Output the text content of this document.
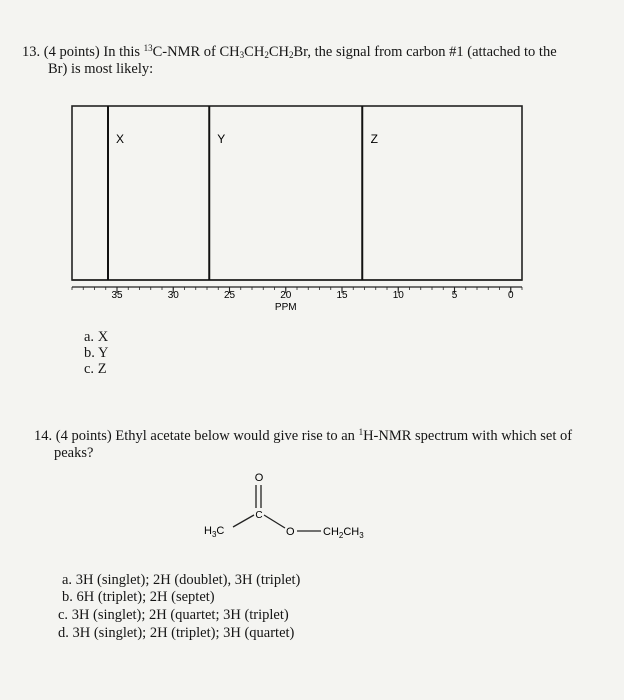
13. (4 points) In this $^{13}$C-NMR of $CH_3CH_2CH_2Br$, the signal from carbon #1 (attached to the
Br) is most likely:
35	30	25	20	15	10	5	0
PPM
X	Y	Z
a. X
b. Y
c. Z
14. (4 points) Ethyl acetate below would give rise to an $^1$H-NMR spectrum with which set of
peaks?
O
C
$H_3C$	O	$CH_2CH_3$
a. 3H (singlet); 2H (doublet), 3H (triplet)
b. 6H (triplet); 2H (septet)
c. 3H (singlet); 2H (quartet; 3H (triplet)
d. 3H (singlet); 2H (triplet); 3H (quartet)
